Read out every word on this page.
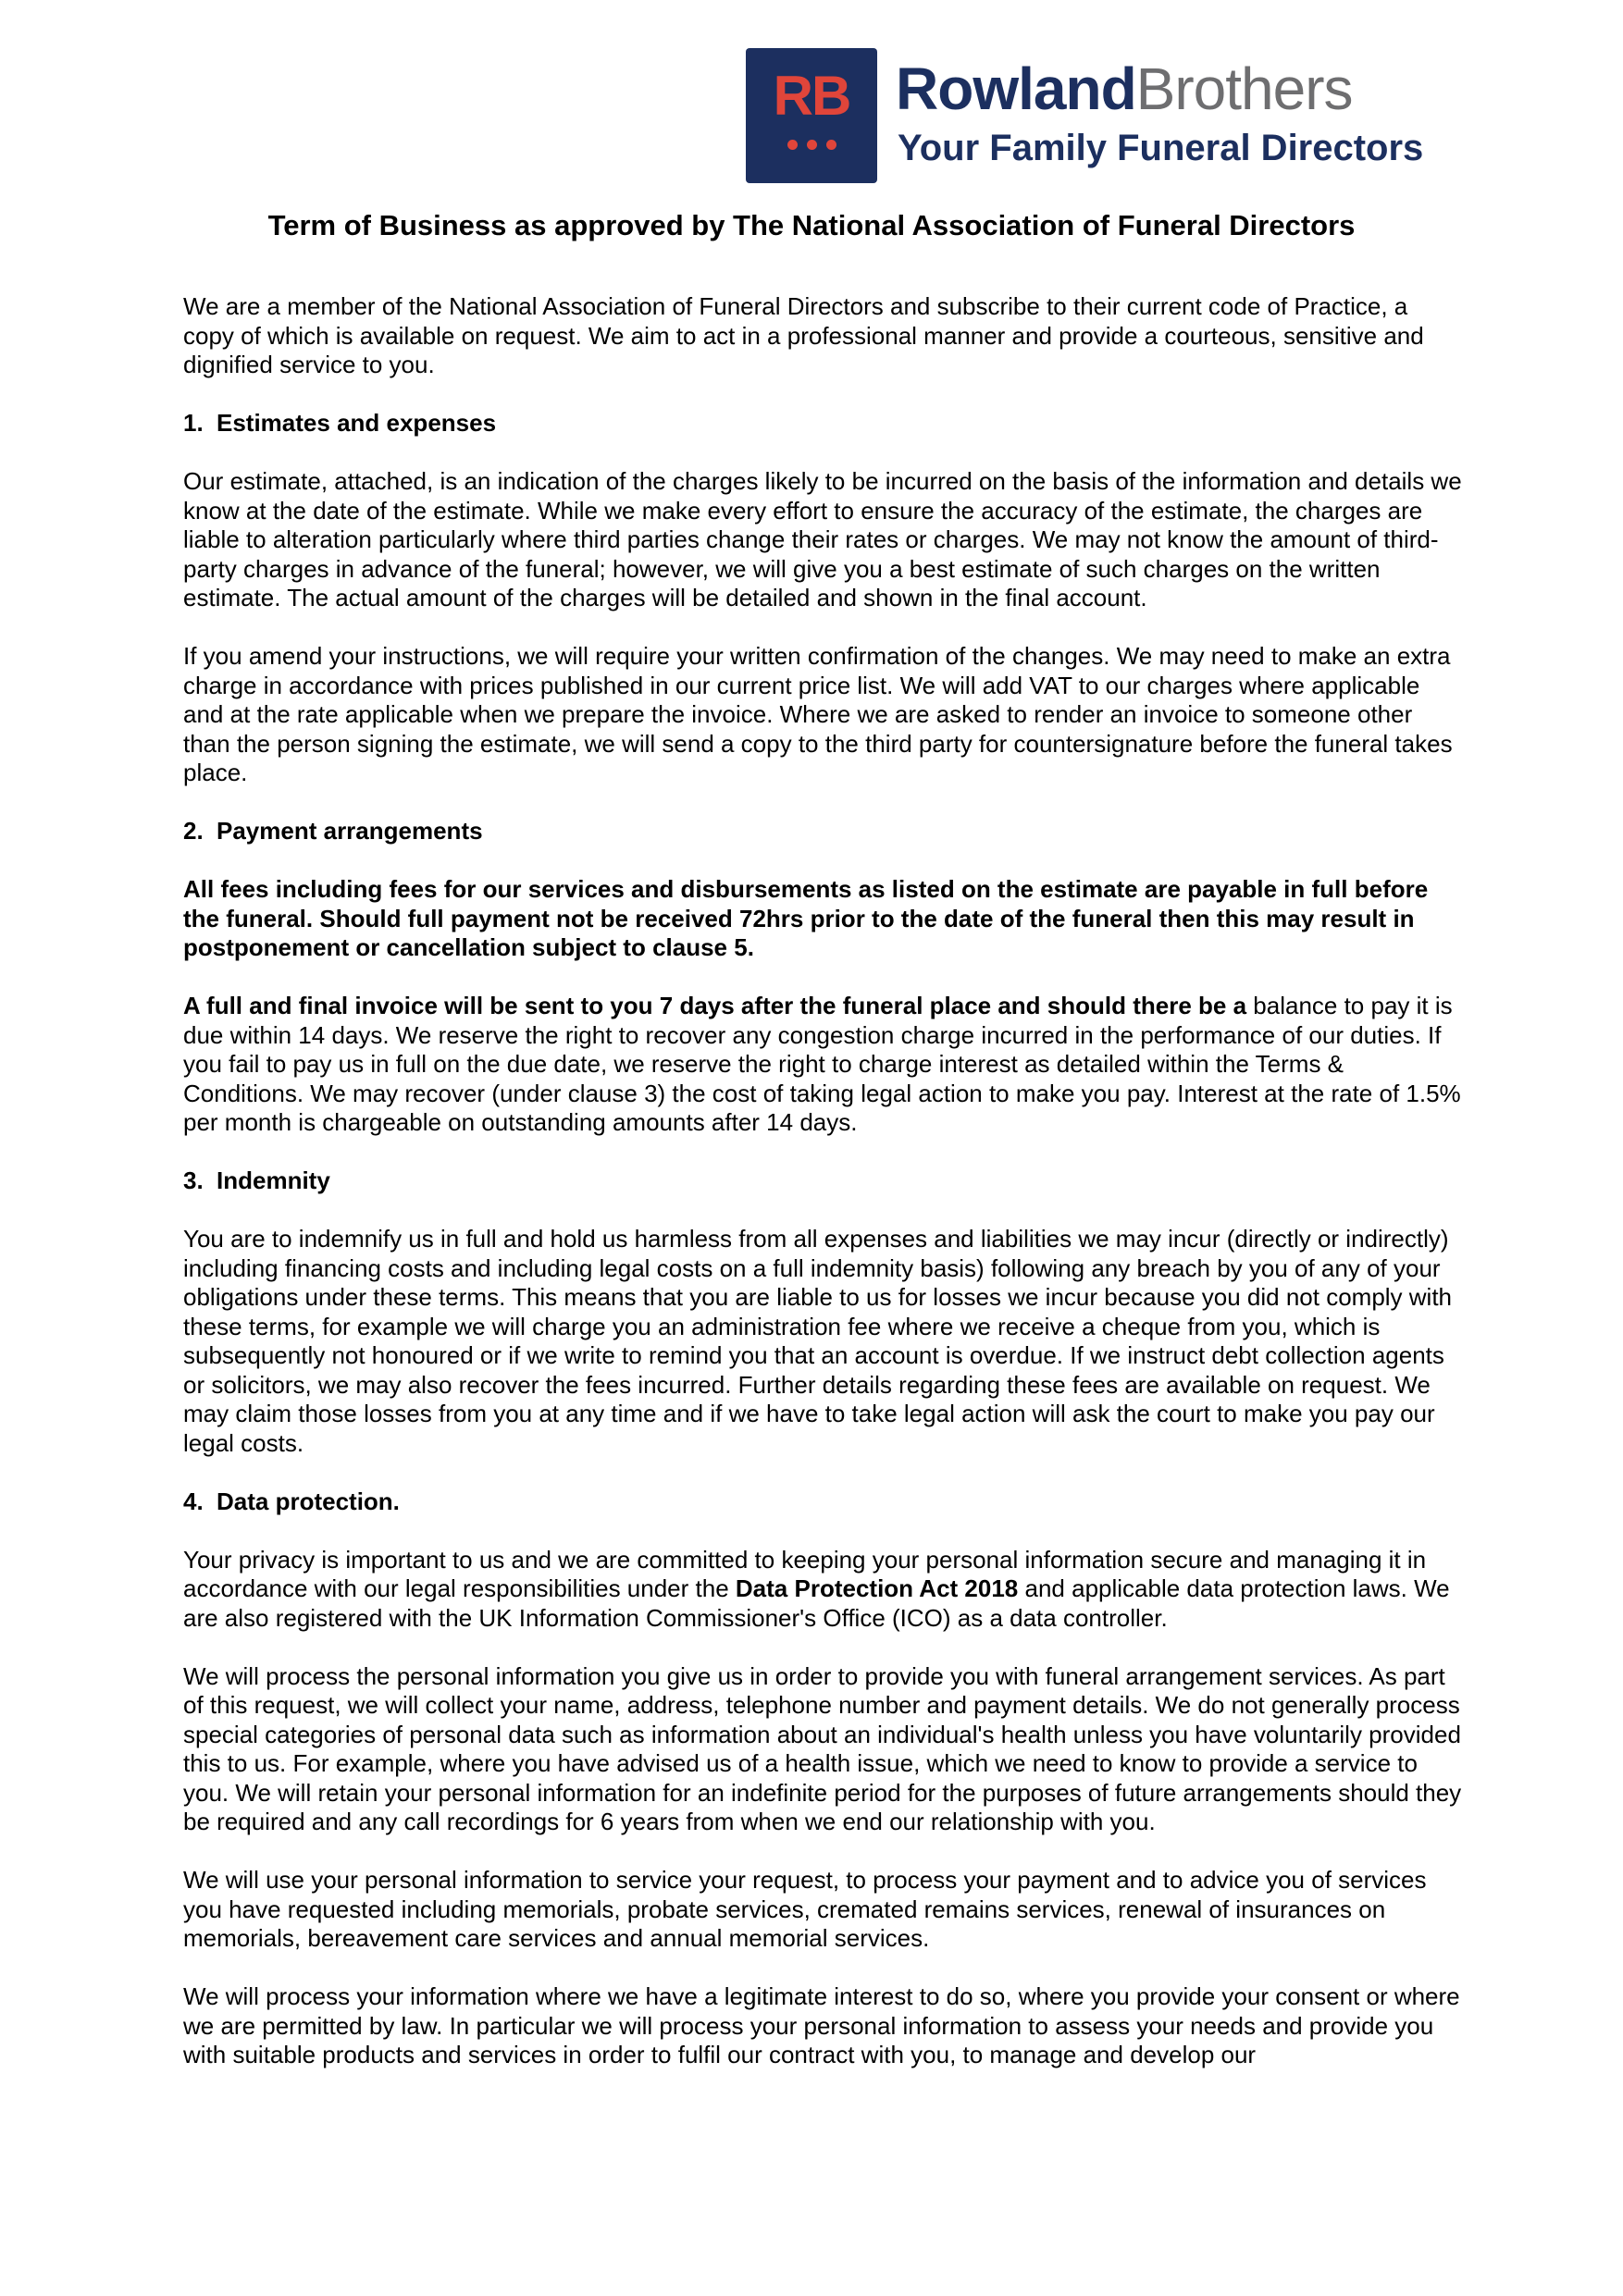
RB RowlandBrothers
Your Family Funeral Directors
Term of Business as approved by The National Association of Funeral Directors

We are a member of the National Association of Funeral Directors and subscribe to their current code of Practice, a copy of which is available on request. We aim to act in a professional manner and provide a courteous, sensitive and dignified service to you.

1. Estimates and expenses

Our estimate, attached, is an indication of the charges likely to be incurred on the basis of the information and details we know at the date of the estimate. While we make every effort to ensure the accuracy of the estimate, the charges are liable to alteration particularly where third parties change their rates or charges. We may not know the amount of third-party charges in advance of the funeral; however, we will give you a best estimate of such charges on the written estimate. The actual amount of the charges will be detailed and shown in the final account.

If you amend your instructions, we will require your written confirmation of the changes. We may need to make an extra charge in accordance with prices published in our current price list. We will add VAT to our charges where applicable and at the rate applicable when we prepare the invoice. Where we are asked to render an invoice to someone other than the person signing the estimate, we will send a copy to the third party for countersignature before the funeral takes place.

2. Payment arrangements

All fees including fees for our services and disbursements as listed on the estimate are payable in full before the funeral. Should full payment not be received 72hrs prior to the date of the funeral then this may result in postponement or cancellation subject to clause 5.

A full and final invoice will be sent to you 7 days after the funeral place and should there be a balance to pay it is due within 14 days. We reserve the right to recover any congestion charge incurred in the performance of our duties. If you fail to pay us in full on the due date, we reserve the right to charge interest as detailed within the Terms & Conditions. We may recover (under clause 3) the cost of taking legal action to make you pay. Interest at the rate of 1.5% per month is chargeable on outstanding amounts after 14 days.

3. Indemnity

You are to indemnify us in full and hold us harmless from all expenses and liabilities we may incur (directly or indirectly) including financing costs and including legal costs on a full indemnity basis) following any breach by you of any of your obligations under these terms. This means that you are liable to us for losses we incur because you did not comply with these terms, for example we will charge you an administration fee where we receive a cheque from you, which is subsequently not honoured or if we write to remind you that an account is overdue. If we instruct debt collection agents or solicitors, we may also recover the fees incurred. Further details regarding these fees are available on request. We may claim those losses from you at any time and if we have to take legal action will ask the court to make you pay our legal costs.

4. Data protection.

Your privacy is important to us and we are committed to keeping your personal information secure and managing it in accordance with our legal responsibilities under the Data Protection Act 2018 and applicable data protection laws. We are also registered with the UK Information Commissioner's Office (ICO) as a data controller.

We will process the personal information you give us in order to provide you with funeral arrangement services. As part of this request, we will collect your name, address, telephone number and payment details. We do not generally process special categories of personal data such as information about an individual's health unless you have voluntarily provided this to us. For example, where you have advised us of a health issue, which we need to know to provide a service to you. We will retain your personal information for an indefinite period for the purposes of future arrangements should they be required and any call recordings for 6 years from when we end our relationship with you.

We will use your personal information to service your request, to process your payment and to advice you of services you have requested including memorials, probate services, cremated remains services, renewal of insurances on memorials, bereavement care services and annual memorial services.

We will process your information where we have a legitimate interest to do so, where you provide your consent or where we are permitted by law. In particular we will process your personal information to assess your needs and provide you with suitable products and services in order to fulfil our contract with you, to manage and develop our
